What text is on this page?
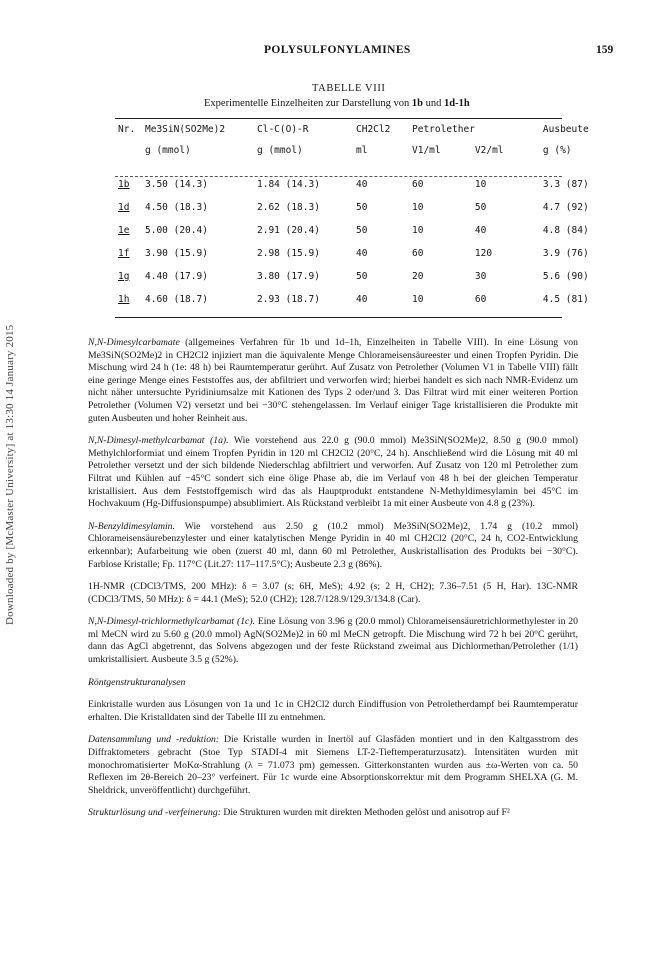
POLYSULFONYLAMINES	159
Downloaded by [McMaster University] at 13:30 14 January 2015
TABELLE VIII
Experimentelle Einzelheiten zur Darstellung von 1b und 1d-1h
Nr.	Me3SiN(SO2Me)2	Cl-C(O)-R	CH2Cl2	Petrolether		Ausbeute
	g (mmol)	g (mmol)	ml	V1/ml	V2/ml	g (%)
1b	3.50 (14.3)	1.84 (14.3)	40	60	10	3.3 (87)
1d	4.50 (18.3)	2.62 (18.3)	50	10	50	4.7 (92)
1e	5.00 (20.4)	2.91 (20.4)	50	10	40	4.8 (84)
1f	3.90 (15.9)	2.98 (15.9)	40	60	120	3.9 (76)
1g	4.40 (17.9)	3.80 (17.9)	50	20	30	5.6 (90)
1h	4.60 (18.7)	2.93 (18.7)	40	10	60	4.5 (81)

N,N-Dimesylcarbamate (allgemeines Verfahren für 1b und 1d–1h, Einzelheiten in Tabelle VIII). In eine Lösung von Me3SiN(SO2Me)2 in CH2Cl2 injiziert man die äquivalente Menge Chlorameisensäureester und einen Tropfen Pyridin. Die Mischung wird 24 h (1e: 48 h) bei Raumtemperatur gerührt. Auf Zusatz von Petrolether (Volumen V1 in Tabelle VIII) fällt eine geringe Menge eines Feststoffes aus, der abfiltriert und verworfen wird; hierbei handelt es sich nach NMR-Evidenz um nicht näher untersuchte Pyridiniumsalze mit Kationen des Typs 2 oder/und 3. Das Filtrat wird mit einer weiteren Portion Petrolether (Volumen V2) versetzt und bei −30°C stehengelassen. Im Verlauf einiger Tage kristallisieren die Produkte mit guten Ausbeuten und hoher Reinheit aus.

N,N-Dimesyl-methylcarbamat (1a). Wie vorstehend aus 22.0 g (90.0 mmol) Me3SiN(SO2Me)2, 8.50 g (90.0 mmol) Methylchlorformiat und einem Tropfen Pyridin in 120 ml CH2Cl2 (20°C, 24 h). Anschließend wird die Lösung mit 40 ml Petrolether versetzt und der sich bildende Niederschlag abfiltriert und verworfen. Auf Zusatz von 120 ml Petrolether zum Filtrat und Kühlen auf −45°C sondert sich eine ölige Phase ab, die im Verlauf von 48 h bei der gleichen Temperatur kristallisiert. Aus dem Feststoffgemisch wird das als Hauptprodukt entstandene N-Methyldimesylamin bei 45°C im Hochvakuum (Hg-Diffusionspumpe) absublimiert. Als Rückstand verbleibt 1a mit einer Ausbeute von 4.8 g (23%).

N-Benzyldimesylamin. Wie vorstehend aus 2.50 g (10.2 mmol) Me3SiN(SO2Me)2, 1.74 g (10.2 mmol) Chlorameisensäurebenzylester und einer katalytischen Menge Pyridin in 40 ml CH2Cl2 (20°C, 24 h, CO2-Entwicklung erkennbar); Aufarbeitung wie oben (zuerst 40 ml, dann 60 ml Petrolether, Auskristallisation des Produkts bei −30°C). Farblose Kristalle; Fp. 117°C (Lit.27: 117–117.5°C); Ausbeute 2.3 g (86%).

1H-NMR (CDCl3/TMS, 200 MHz): δ = 3.07 (s; 6H, MeS); 4.92 (s; 2 H, CH2); 7.36–7.51 (5 H, Har). 13C-NMR (CDCl3/TMS, 50 MHz): δ = 44.1 (MeS); 52.0 (CH2); 128.7/128.9/129.3/134.8 (Car).

N,N-Dimesyl-trichlormethylcarbamat (1c). Eine Lösung von 3.96 g (20.0 mmol) Chlorameisensäuretrichlormethylester in 20 ml MeCN wird zu 5.60 g (20.0 mmol) AgN(SO2Me)2 in 60 ml MeCN getropft. Die Mischung wird 72 h bei 20°C gerührt, dann das AgCl abgetrennt, das Solvens abgezogen und der feste Rückstand zweimal aus Dichlormethan/Petrolether (1/1) umkristallisiert. Ausbeute 3.5 g (52%).

Röntgenstrukturanalysen

Einkristalle wurden aus Lösungen von 1a und 1c in CH2Cl2 durch Eindiffusion von Petroletherdampf bei Raumtemperatur erhalten. Die Kristalldaten sind der Tabelle III zu entnehmen.

Datensammlung und -reduktion: Die Kristalle wurden in Inertöl auf Glasfäden montiert und in den Kaltgasstrom des Diffraktometers gebracht (Stoe Typ STADI-4 mit Siemens LT-2-Tieftemperaturzusatz). Intensitäten wurden mit monochromatisierter MoKα-Strahlung (λ = 71.073 pm) gemessen. Gitterkonstanten wurden aus ±ω-Werten von ca. 50 Reflexen im 2θ-Bereich 20–23° verfeinert. Für 1c wurde eine Absorptionskorrektur mit dem Programm SHELXA (G. M. Sheldrick, unveröffentlicht) durchgeführt.

Strukturlösung und -verfeinerung: Die Strukturen wurden mit direkten Methoden gelöst und anisotrop auf F²
